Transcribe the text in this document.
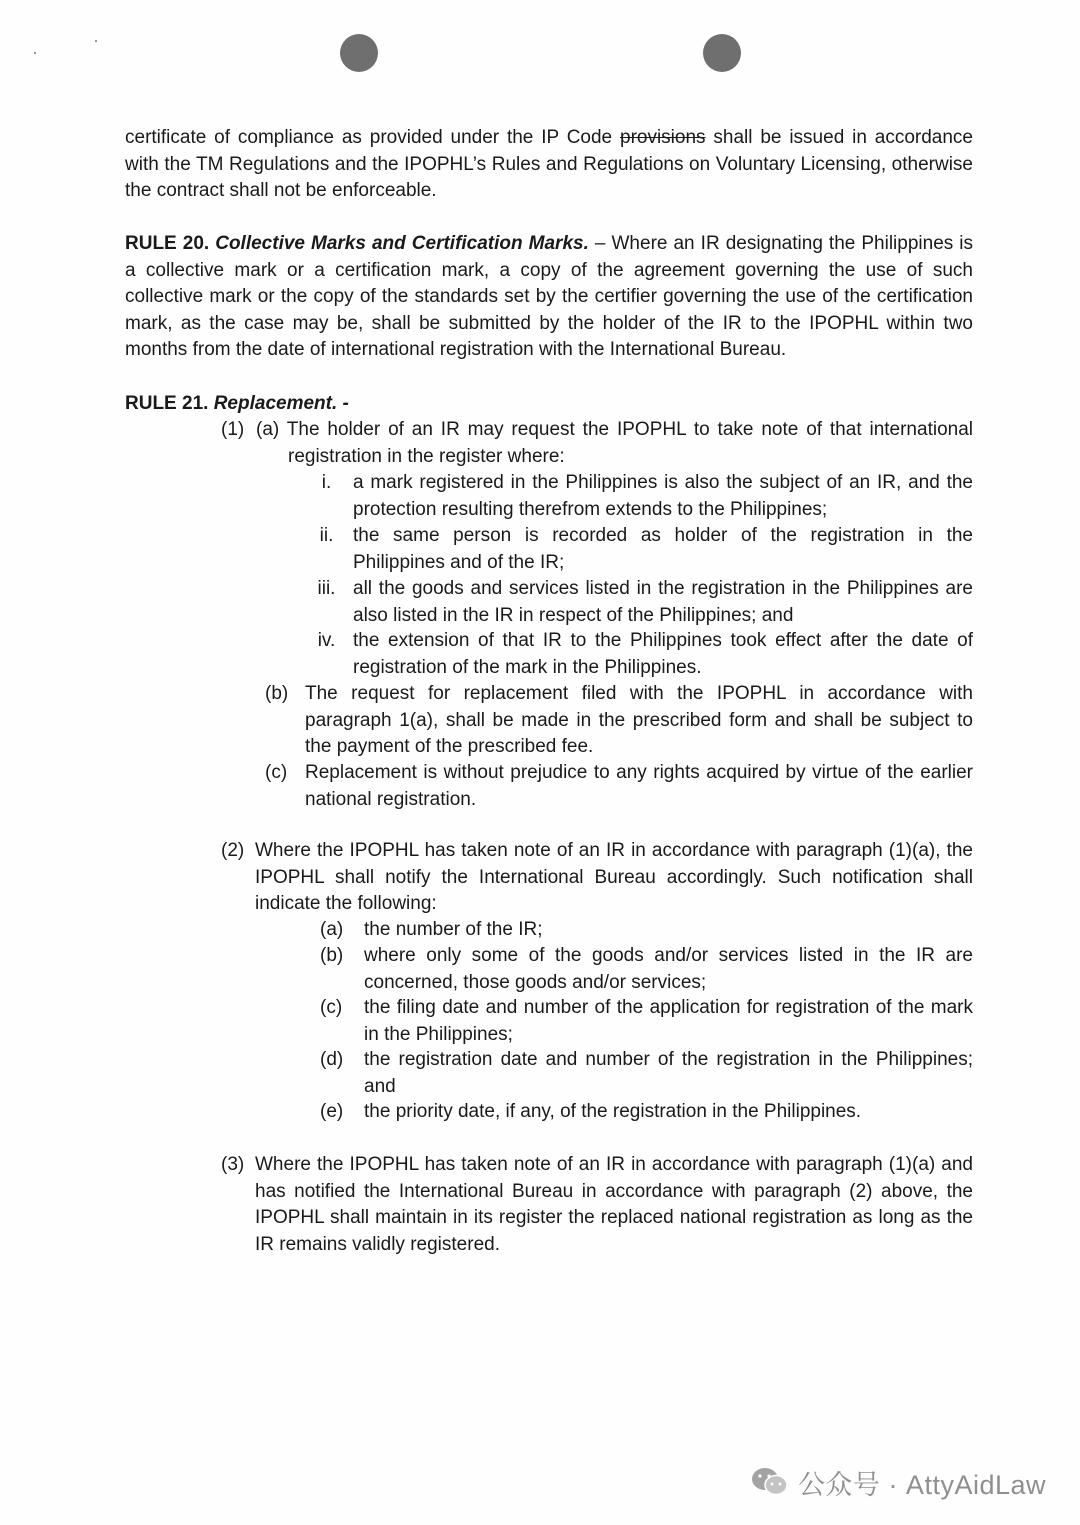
certificate of compliance as provided under the IP Code provisions shall be issued in accordance with the TM Regulations and the IPOPHL’s Rules and Regulations on Voluntary Licensing, otherwise the contract shall not be enforceable.
RULE 20. Collective Marks and Certification Marks. – Where an IR designating the Philippines is a collective mark or a certification mark, a copy of the agreement governing the use of such collective mark or the copy of the standards set by the certifier governing the use of the certification mark, as the case may be, shall be submitted by the holder of the IR to the IPOPHL within two months from the date of international registration with the International Bureau.
RULE 21. Replacement. -
(1) (a) The holder of an IR may request the IPOPHL to take note of that international registration in the register where:
i.	a mark registered in the Philippines is also the subject of an IR, and the protection resulting therefrom extends to the Philippines;
ii.	the same person is recorded as holder of the registration in the Philippines and of the IR;
iii. all the goods and services listed in the registration in the Philippines are also listed in the IR in respect of the Philippines; and
iv. the extension of that IR to the Philippines took effect after the date of registration of the mark in the Philippines.
(b) The request for replacement filed with the IPOPHL in accordance with paragraph 1(a), shall be made in the prescribed form and shall be subject to the payment of the prescribed fee.
(c) Replacement is without prejudice to any rights acquired by virtue of the earlier national registration.
(2) Where the IPOPHL has taken note of an IR in accordance with paragraph (1)(a), the IPOPHL shall notify the International Bureau accordingly. Such notification shall indicate the following:
(a)	the number of the IR;
(b)	where only some of the goods and/or services listed in the IR are concerned, those goods and/or services;
(c)	the filing date and number of the application for registration of the mark in the Philippines;
(d)	the registration date and number of the registration in the Philippines; and
(e)	the priority date, if any, of the registration in the Philippines.
(3) Where the IPOPHL has taken note of an IR in accordance with paragraph (1)(a) and has notified the International Bureau in accordance with paragraph (2) above, the IPOPHL shall maintain in its register the replaced national registration as long as the IR remains validly registered.
公众号 · AttyAidLaw
